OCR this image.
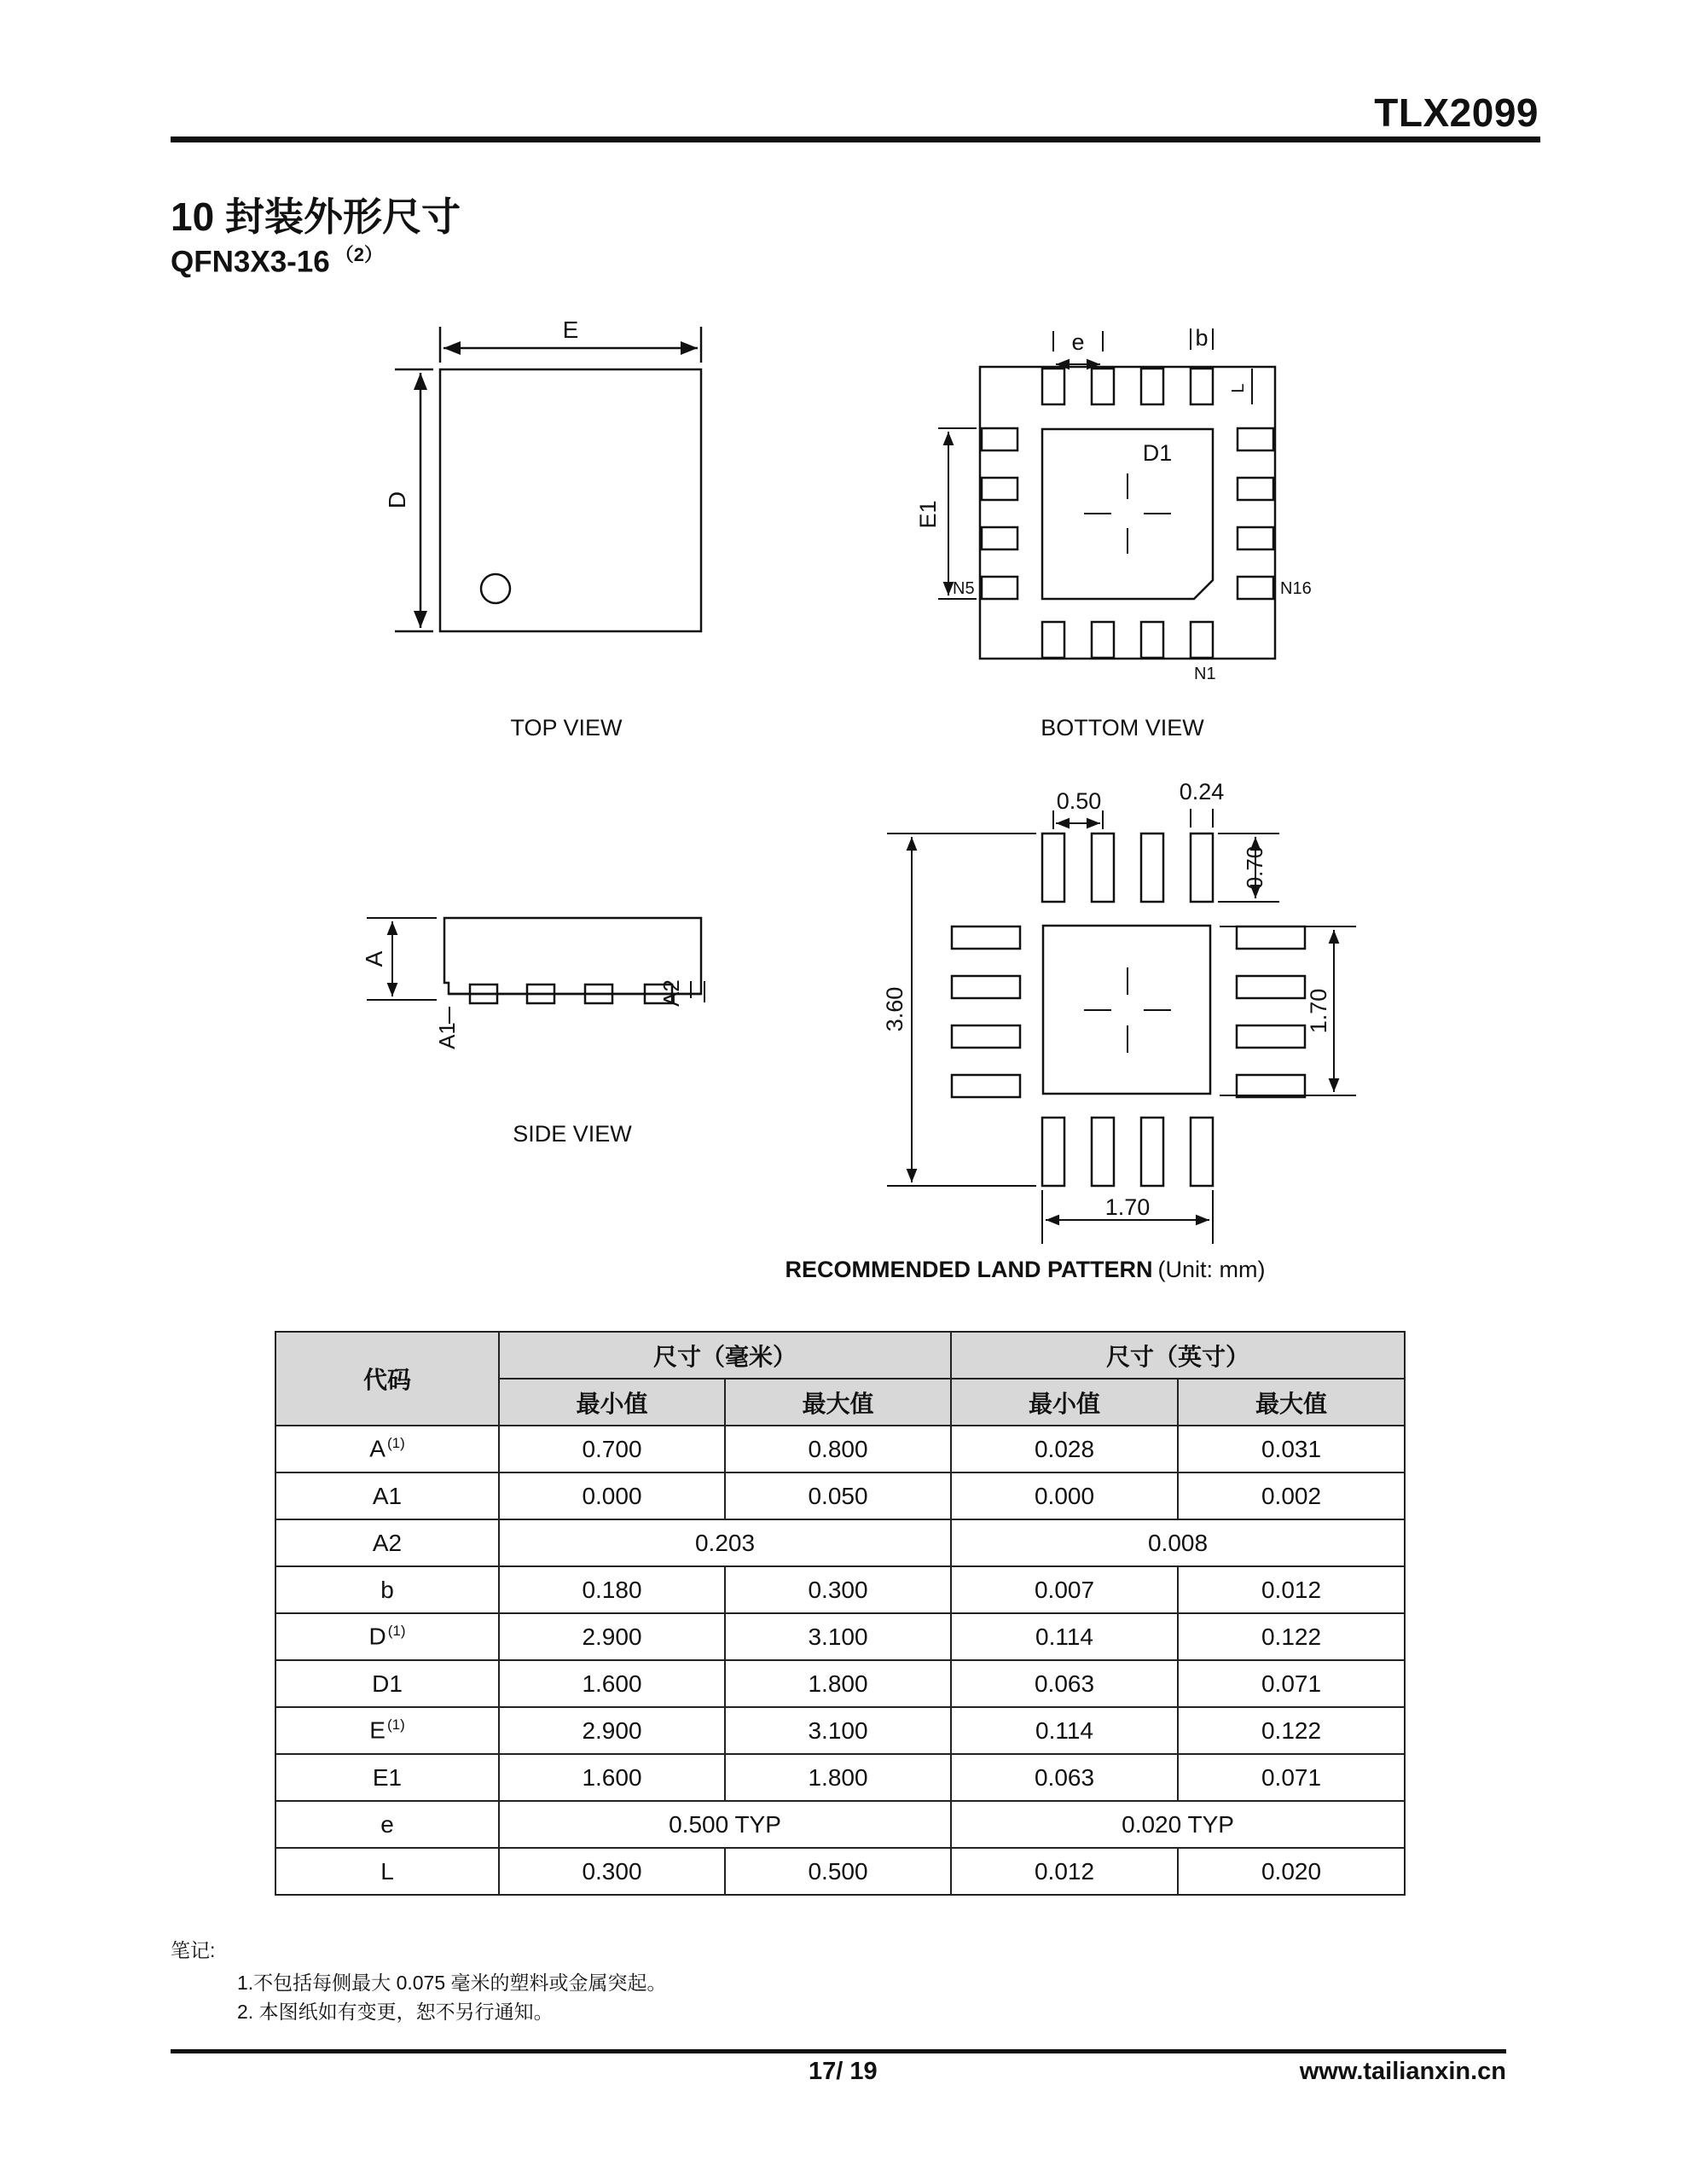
TLX2099
10 封装外形尺寸
QFN3X3-16 $^{(2)}$
E
D
TOP VIEW
e	b
L
D1
E1
N5	N16
N1
BOTTOM VIEW
A
A1
A2
SIDE VIEW
0.50	0.24
0.70
3.60	1.70
1.70
RECOMMENDED LAND PATTERN (Unit: mm)
代码	尺寸（毫米）		尺寸（英寸）	
	最小值	最大值	最小值	最大值
A $^{(1)}$	0.700	0.800	0.028	0.031
A1	0.000	0.050	0.000	0.002
A2	0.203		0.008	
b	0.180	0.300	0.007	0.012
D $^{(1)}$	2.900	3.100	0.114	0.122
D1	1.600	1.800	0.063	0.071
E $^{(1)}$	2.900	3.100	0.114	0.122
E1	1.600	1.800	0.063	0.071
e	0.500 TYP		0.020 TYP	
L	0.300	0.500	0.012	0.020
笔记:
1.不包括每侧最大 0.075 毫米的塑料或金属突起。
2. 本图纸如有变更，恕不另行通知。
17/ 19	www.tailianxin.cn
